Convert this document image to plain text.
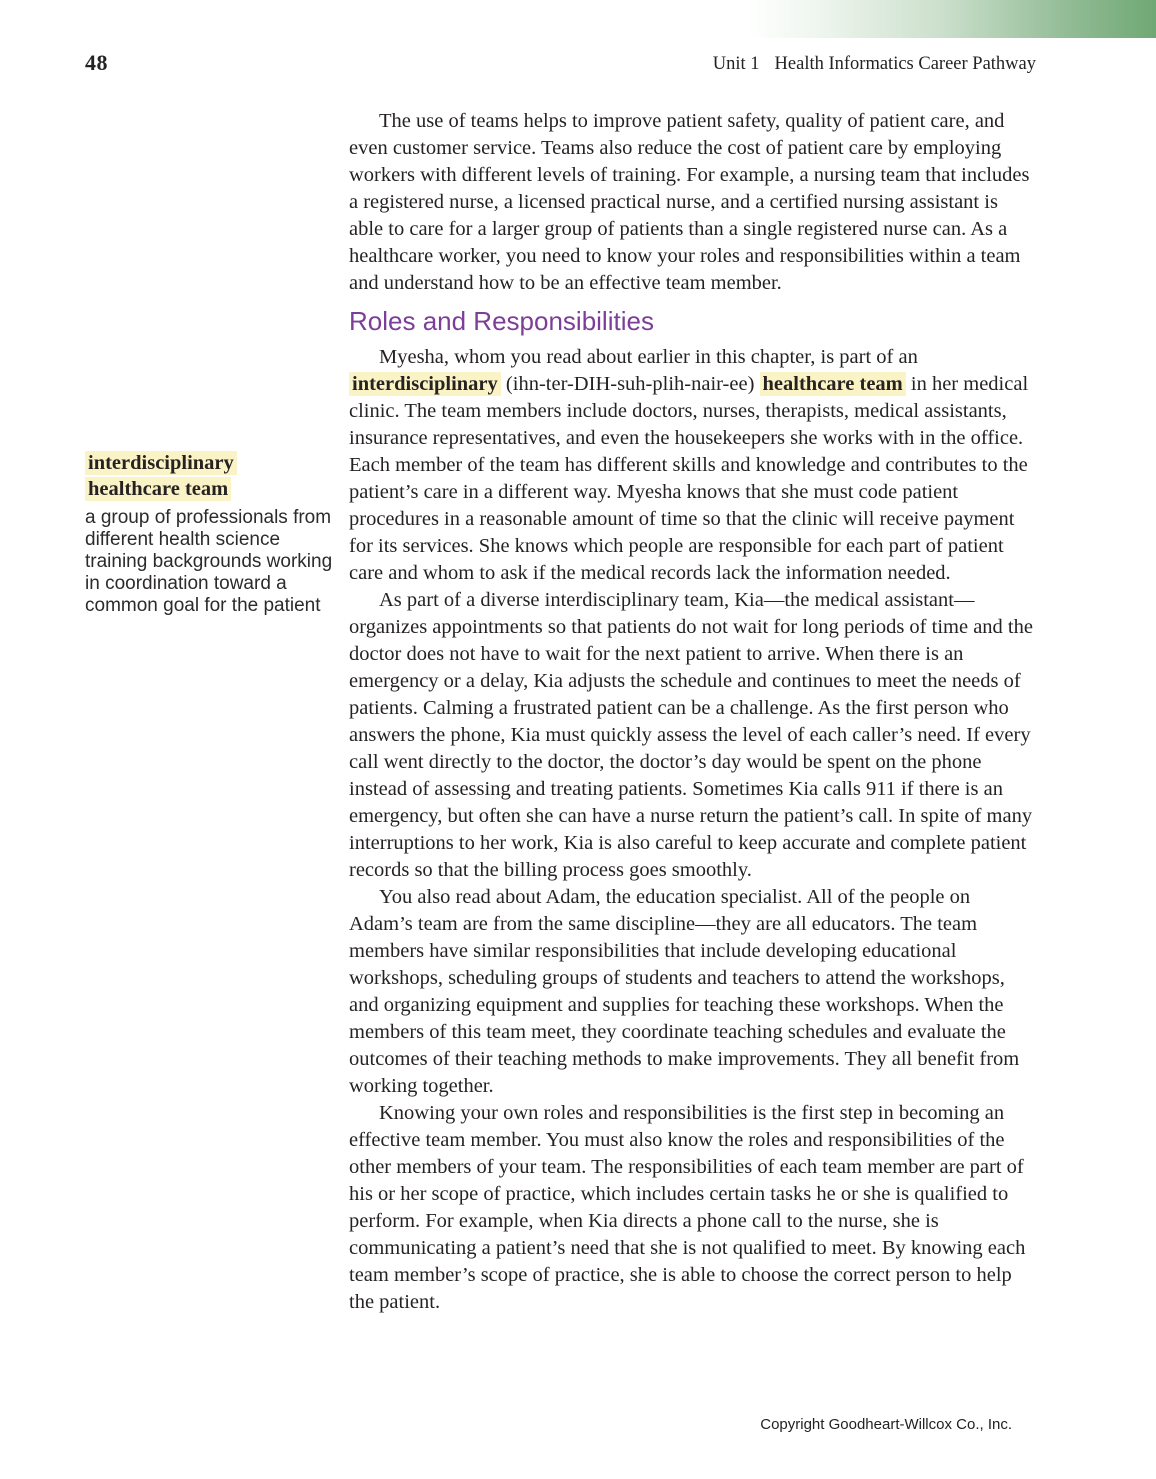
48	Unit 1 Health Informatics Career Pathway
interdisciplinary
healthcare team
a group of professionals from different health science training backgrounds working in coordination toward a common goal for the patient

The use of teams helps to improve patient safety, quality of patient care, and even customer service. Teams also reduce the cost of patient care by employing workers with different levels of training. For example, a nursing team that includes a registered nurse, a licensed practical nurse, and a certified nursing assistant is able to care for a larger group of patients than a single registered nurse can. As a healthcare worker, you need to know your roles and responsibilities within a team and understand how to be an effective team member.

Roles and Responsibilities

Myesha, whom you read about earlier in this chapter, is part of an interdisciplinary (ihn-ter-DIH-suh-plih-nair-ee) healthcare team in her medical clinic. The team members include doctors, nurses, therapists, medical assistants, insurance representatives, and even the housekeepers she works with in the office. Each member of the team has different skills and knowledge and contributes to the patient’s care in a different way. Myesha knows that she must code patient procedures in a reasonable amount of time so that the clinic will receive payment for its services. She knows which people are responsible for each part of patient care and whom to ask if the medical records lack the information needed.

As part of a diverse interdisciplinary team, Kia—the medical assistant—organizes appointments so that patients do not wait for long periods of time and the doctor does not have to wait for the next patient to arrive. When there is an emergency or a delay, Kia adjusts the schedule and continues to meet the needs of patients. Calming a frustrated patient can be a challenge. As the first person who answers the phone, Kia must quickly assess the level of each caller’s need. If every call went directly to the doctor, the doctor’s day would be spent on the phone instead of assessing and treating patients. Sometimes Kia calls 911 if there is an emergency, but often she can have a nurse return the patient’s call. In spite of many interruptions to her work, Kia is also careful to keep accurate and complete patient records so that the billing process goes smoothly.

You also read about Adam, the education specialist. All of the people on Adam’s team are from the same discipline—they are all educators. The team members have similar responsibilities that include developing educational workshops, scheduling groups of students and teachers to attend the workshops, and organizing equipment and supplies for teaching these workshops. When the members of this team meet, they coordinate teaching schedules and evaluate the outcomes of their teaching methods to make improvements. They all benefit from working together.

Knowing your own roles and responsibilities is the first step in becoming an effective team member. You must also know the roles and responsibilities of the other members of your team. The responsibilities of each team member are part of his or her scope of practice, which includes certain tasks he or she is qualified to perform. For example, when Kia directs a phone call to the nurse, she is communicating a patient’s need that she is not qualified to meet. By knowing each team member’s scope of practice, she is able to choose the correct person to help the patient.

Copyright Goodheart-Willcox Co., Inc.
